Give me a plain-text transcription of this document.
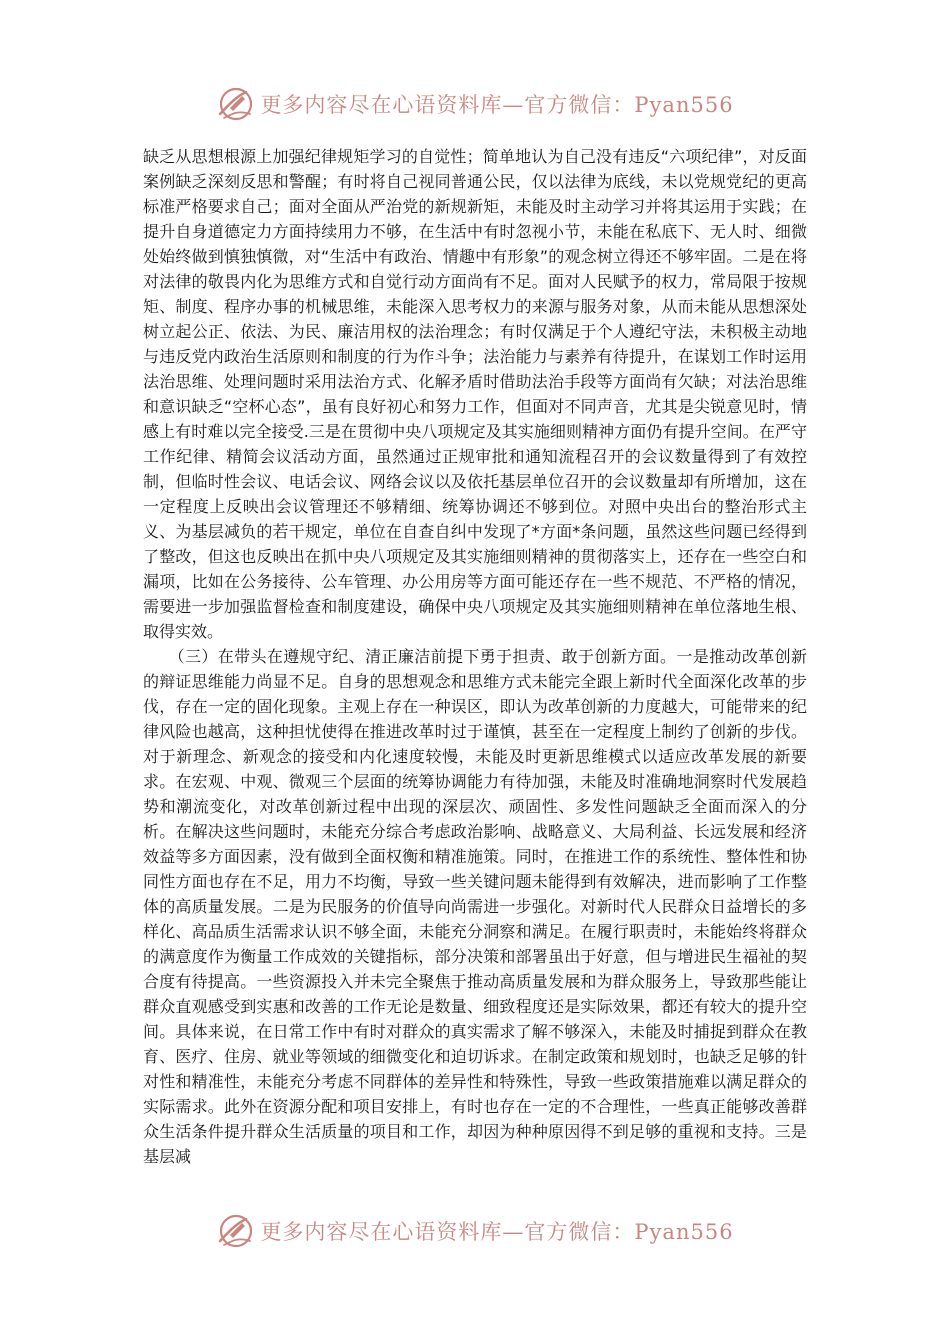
更多内容尽在心语资料库—官方微信：Pyan556

缺乏从思想根源上加强纪律规矩学习的自觉性；简单地认为自己没有违反“六项纪律”，对反面案例缺乏深刻反思和警醒；有时将自己视同普通公民，仅以法律为底线，未以党规党纪的更高标准严格要求自己；面对全面从严治党的新规新矩，未能及时主动学习并将其运用于实践；在提升自身道德定力方面持续用力不够，在生活中有时忽视小节，未能在私底下、无人时、细微处始终做到慎独慎微，对“生活中有政治、情趣中有形象”的观念树立得还不够牢固。二是在将对法律的敬畏内化为思维方式和自觉行动方面尚有不足。面对人民赋予的权力，常局限于按规矩、制度、程序办事的机械思维，未能深入思考权力的来源与服务对象，从而未能从思想深处树立起公正、依法、为民、廉洁用权的法治理念；有时仅满足于个人遵纪守法，未积极主动地与违反党内政治生活原则和制度的行为作斗争；法治能力与素养有待提升，在谋划工作时运用法治思维、处理问题时采用法治方式、化解矛盾时借助法治手段等方面尚有欠缺；对法治思维和意识缺乏“空杯心态”，虽有良好初心和努力工作，但面对不同声音，尤其是尖锐意见时，情感上有时难以完全接受.三是在贯彻中央八项规定及其实施细则精神方面仍有提升空间。在严守工作纪律、精简会议活动方面，虽然通过正规审批和通知流程召开的会议数量得到了有效控制，但临时性会议、电话会议、网络会议以及依托基层单位召开的会议数量却有所增加，这在一定程度上反映出会议管理还不够精细、统筹协调还不够到位。对照中央出台的整治形式主义、为基层减负的若干规定，单位在自查自纠中发现了*方面*条问题，虽然这些问题已经得到了整改，但这也反映出在抓中央八项规定及其实施细则精神的贯彻落实上，还存在一些空白和漏项，比如在公务接待、公车管理、办公用房等方面可能还存在一些不规范、不严格的情况，需要进一步加强监督检查和制度建设，确保中央八项规定及其实施细则精神在单位落地生根、取得实效。

（三）在带头在遵规守纪、清正廉洁前提下勇于担责、敢于创新方面。一是推动改革创新的辩证思维能力尚显不足。自身的思想观念和思维方式未能完全跟上新时代全面深化改革的步伐，存在一定的固化现象。主观上存在一种误区，即认为改革创新的力度越大，可能带来的纪律风险也越高，这种担忧使得在推进改革时过于谨慎，甚至在一定程度上制约了创新的步伐。对于新理念、新观念的接受和内化速度较慢，未能及时更新思维模式以适应改革发展的新要求。在宏观、中观、微观三个层面的统筹协调能力有待加强，未能及时准确地洞察时代发展趋势和潮流变化，对改革创新过程中出现的深层次、顽固性、多发性问题缺乏全面而深入的分析。在解决这些问题时，未能充分综合考虑政治影响、战略意义、大局利益、长远发展和经济效益等多方面因素，没有做到全面权衡和精准施策。同时，在推进工作的系统性、整体性和协同性方面也存在不足，用力不均衡，导致一些关键问题未能得到有效解决，进而影响了工作整体的高质量发展。二是为民服务的价值导向尚需进一步强化。对新时代人民群众日益增长的多样化、高品质生活需求认识不够全面，未能充分洞察和满足。在履行职责时，未能始终将群众的满意度作为衡量工作成效的关键指标，部分决策和部署虽出于好意，但与增进民生福祉的契合度有待提高。一些资源投入并未完全聚焦于推动高质量发展和为群众服务上，导致那些能让群众直观感受到实惠和改善的工作无论是数量、细致程度还是实际效果，都还有较大的提升空间。具体来说，在日常工作中有时对群众的真实需求了解不够深入，未能及时捕捉到群众在教育、医疗、住房、就业等领域的细微变化和迫切诉求。在制定政策和规划时，也缺乏足够的针对性和精准性，未能充分考虑不同群体的差异性和特殊性，导致一些政策措施难以满足群众的实际需求。此外在资源分配和项目安排上，有时也存在一定的不合理性，一些真正能够改善群众生活条件提升群众生活质量的项目和工作，却因为种种原因得不到足够的重视和支持。三是基层减

更多内容尽在心语资料库—官方微信：Pyan556
